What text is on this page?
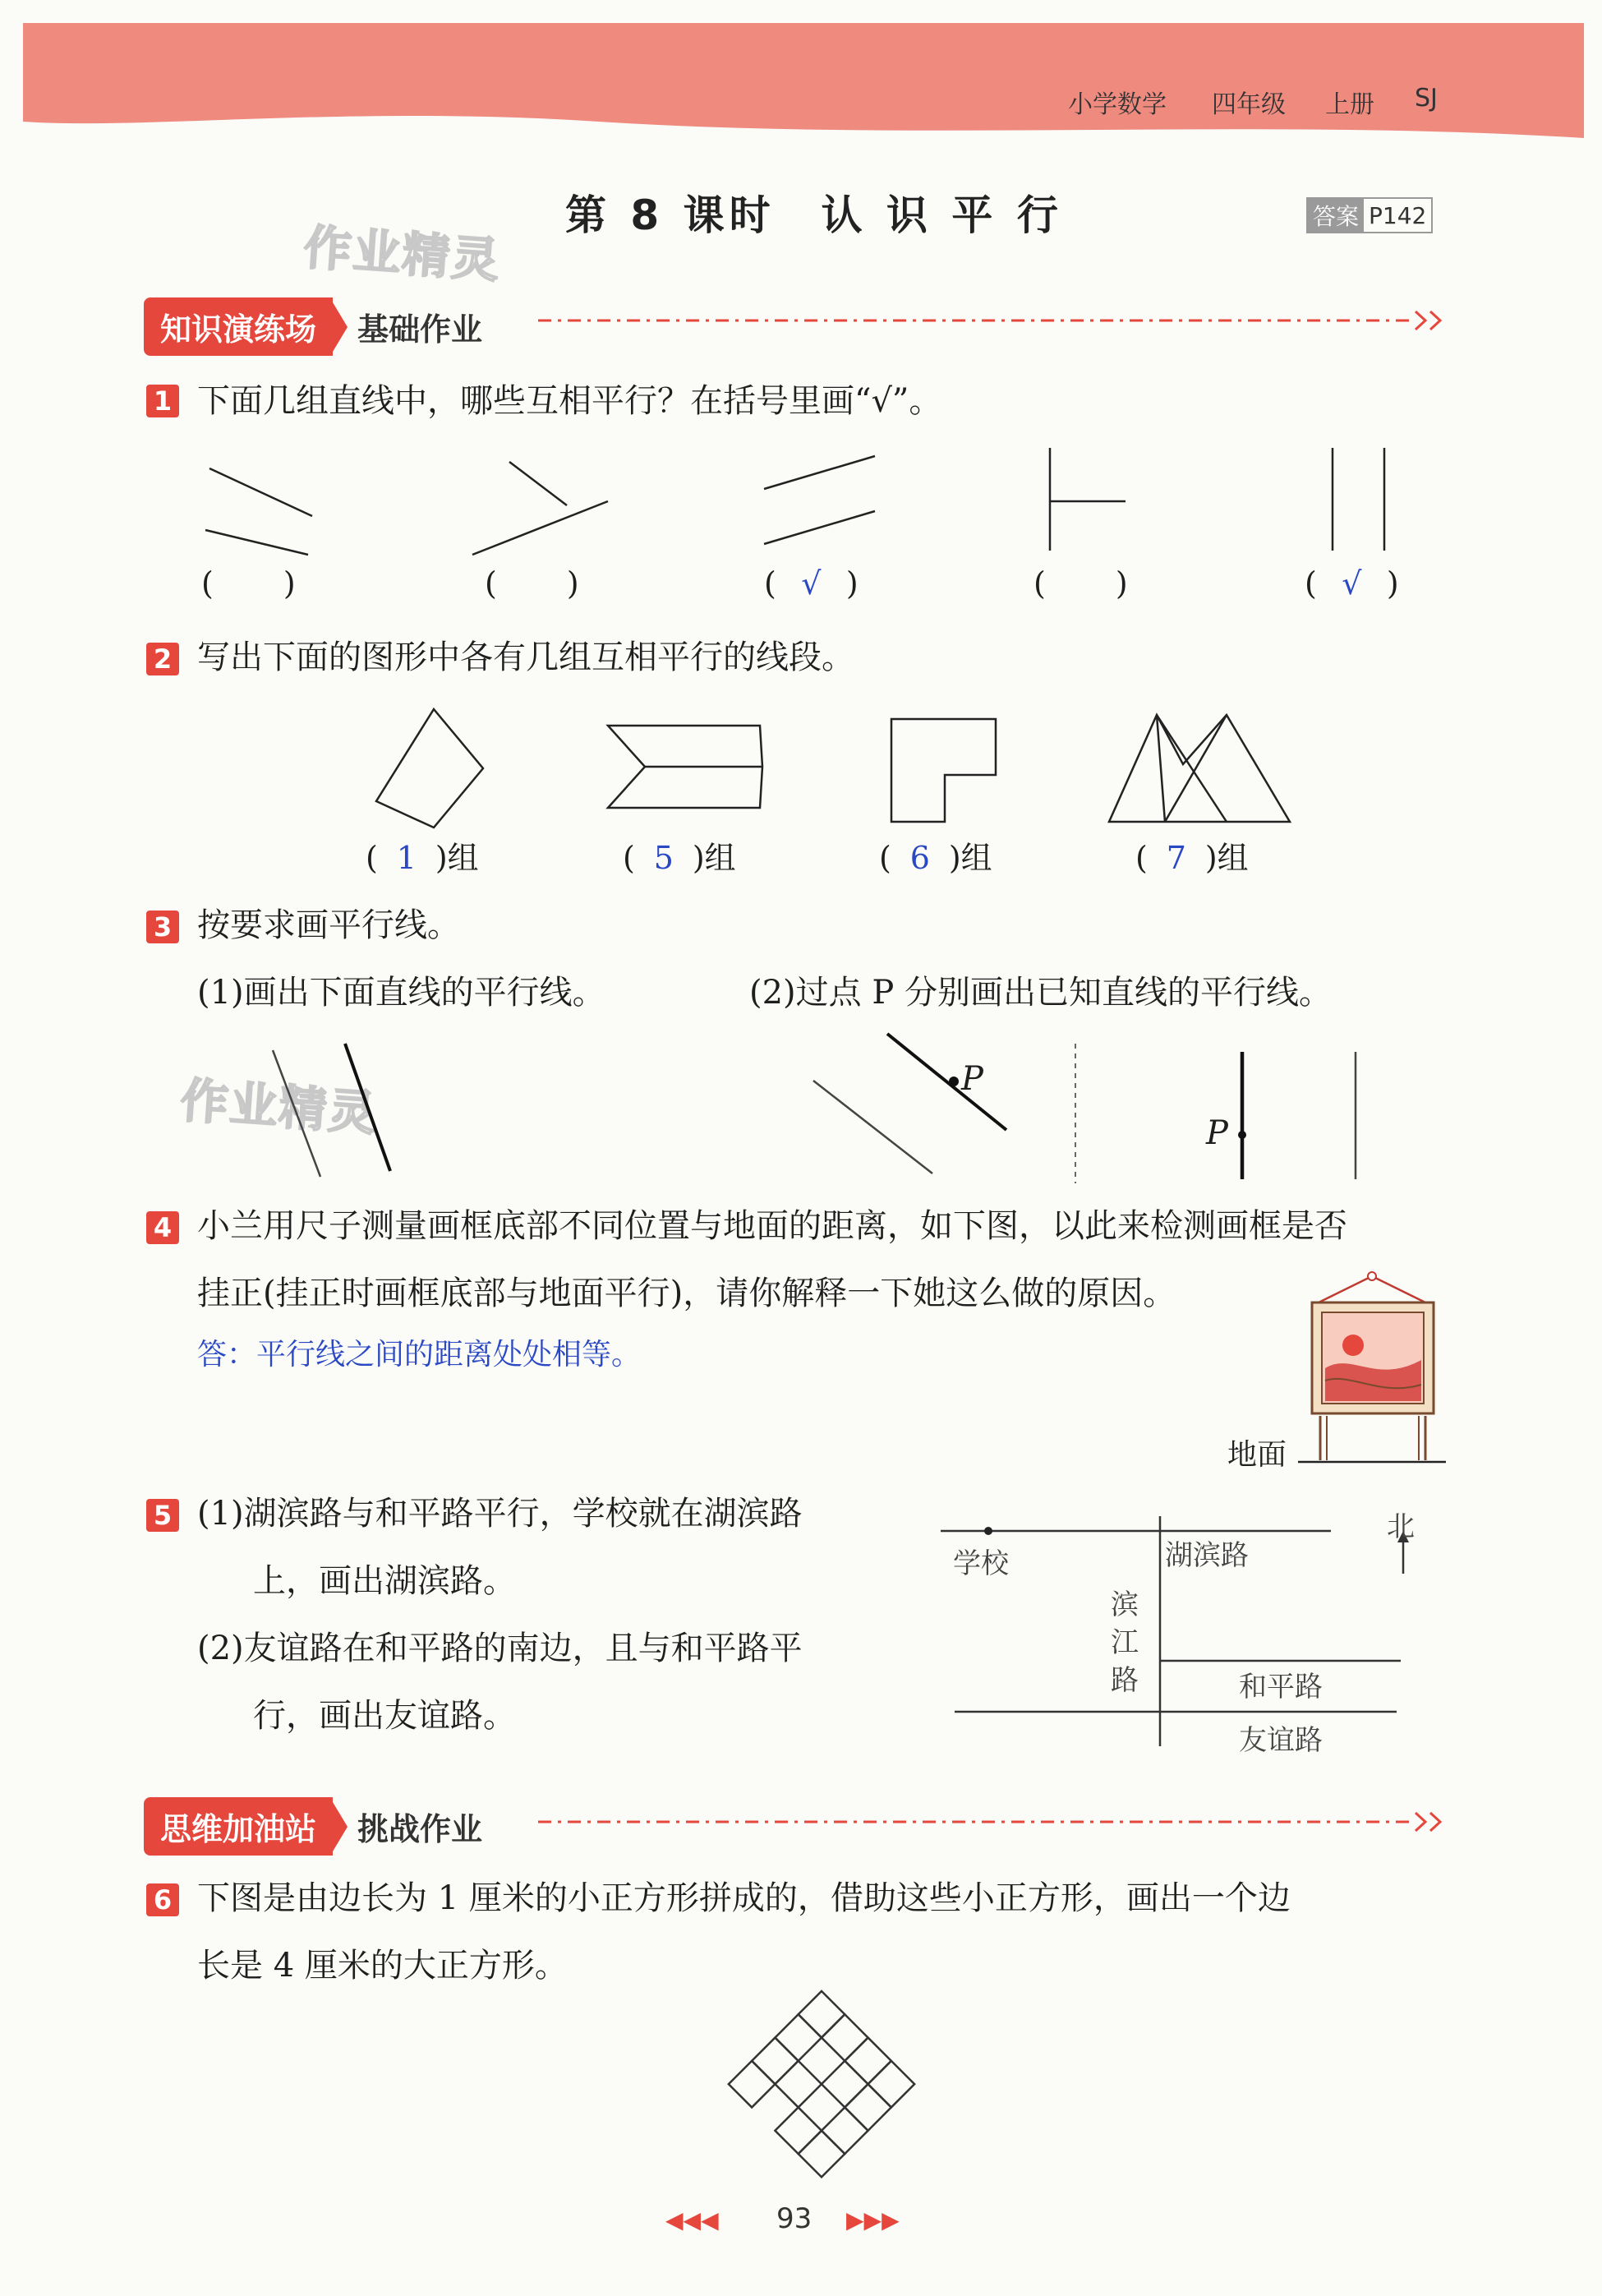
小学数学 四年级 上册 SJ
第 8 课时　认 识 平 行	答案 P142
作业精灵
知识演练场	基础作业
1 下面几组直线中，哪些互相平行？在括号里画“√”。
( )	( )	( √ )	( )	( √ )
2 写出下面的图形中各有几组互相平行的线段。
( 1 )组	( 5 )组	( 6 )组	( 7 )组
3 按要求画平行线。
(1)画出下面直线的平行线。	(2)过点 P 分别画出已知直线的平行线。
作业精灵	P
P
4 小兰用尺子测量画框底部不同位置与地面的距离，如下图，以此来检测画框是否
挂正(挂正时画框底部与地面平行)，请你解释一下她这么做的原因。
答：平行线之间的距离处处相等。
地面
5 (1)湖滨路与和平路平行，学校就在湖滨路
上，画出湖滨路。
(2)友谊路在和平路的南边，且与和平路平
行，画出友谊路。
学校	湖滨路
滨
江
路	和平路
友谊路
北
思维加油站	挑战作业
6 下图是由边长为 1 厘米的小正方形拼成的，借助这些小正方形，画出一个边
长是 4 厘米的大正方形。
◀◀◀ 93 ▶▶▶
